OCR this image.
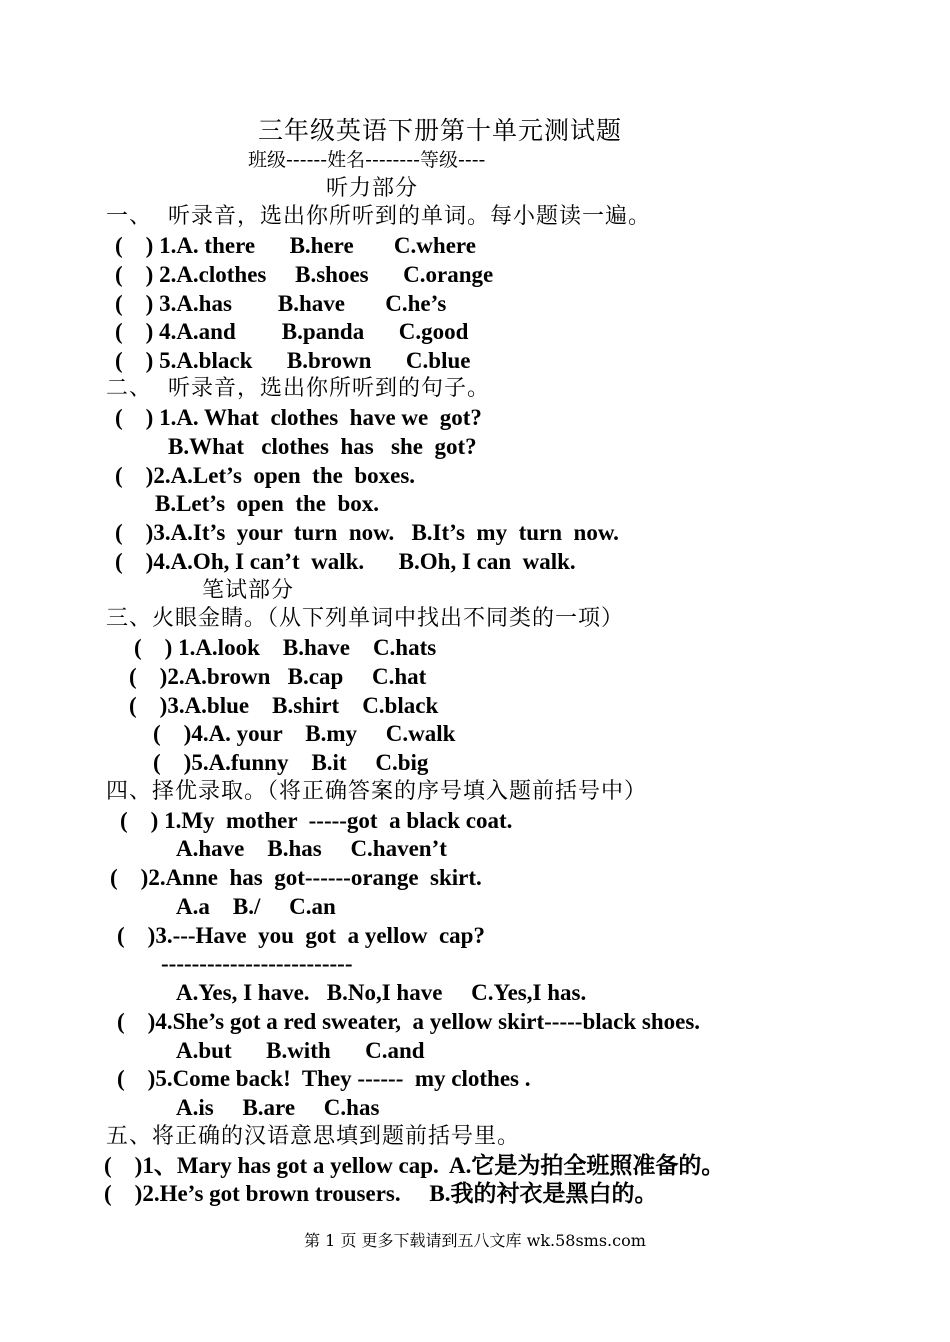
三年级英语下册第十单元测试题
班级------姓名--------等级----
听力部分
一、  听录音，选出你所听到的单词。每小题读一遍。
(    ) 1.A. there      B.here       C.where
(    ) 2.A.clothes     B.shoes      C.orange
(    ) 3.A.has        B.have       C.he’s
(    ) 4.A.and        B.panda      C.good
(    ) 5.A.black      B.brown      C.blue
二、  听录音，选出你所听到的句子。
(    ) 1.A. What  clothes  have we  got?
B.What   clothes  has   she  got?
(    )2.A.Let’s  open  the  boxes.
B.Let’s  open  the  box.
(    )3.A.It’s  your  turn  now.   B.It’s  my  turn  now.
(    )4.A.Oh, I can’t  walk.      B.Oh, I can  walk.
笔试部分
三、火眼金睛。（从下列单词中找出不同类的一项）
(    ) 1.A.look    B.have    C.hats
(    )2.A.brown   B.cap     C.hat
(    )3.A.blue    B.shirt    C.black
(    )4.A. your    B.my     C.walk
(    )5.A.funny    B.it     C.big
四、择优录取。（将正确答案的序号填入题前括号中）
(    ) 1.My  mother  -----got  a black coat.
A.have    B.has     C.haven’t
(    )2.Anne  has  got------orange  skirt.
A.a    B./     C.an
(    )3.---Have  you  got  a yellow  cap?
-------------------------
A.Yes, I have.   B.No,I have     C.Yes,I has.
(    )4.She’s got a red sweater,  a yellow skirt-----black shoes.
A.but      B.with      C.and
(    )5.Come back!  They ------  my clothes .
A.is     B.are     C.has
五、将正确的汉语意思填到题前括号里。
(    )1、Mary has got a yellow cap.  A.它是为拍全班照准备的。
(    )2.He’s got brown trousers.     B.我的衬衣是黑白的。
第 1 页 更多下载请到五八文库 wk.58sms.com
